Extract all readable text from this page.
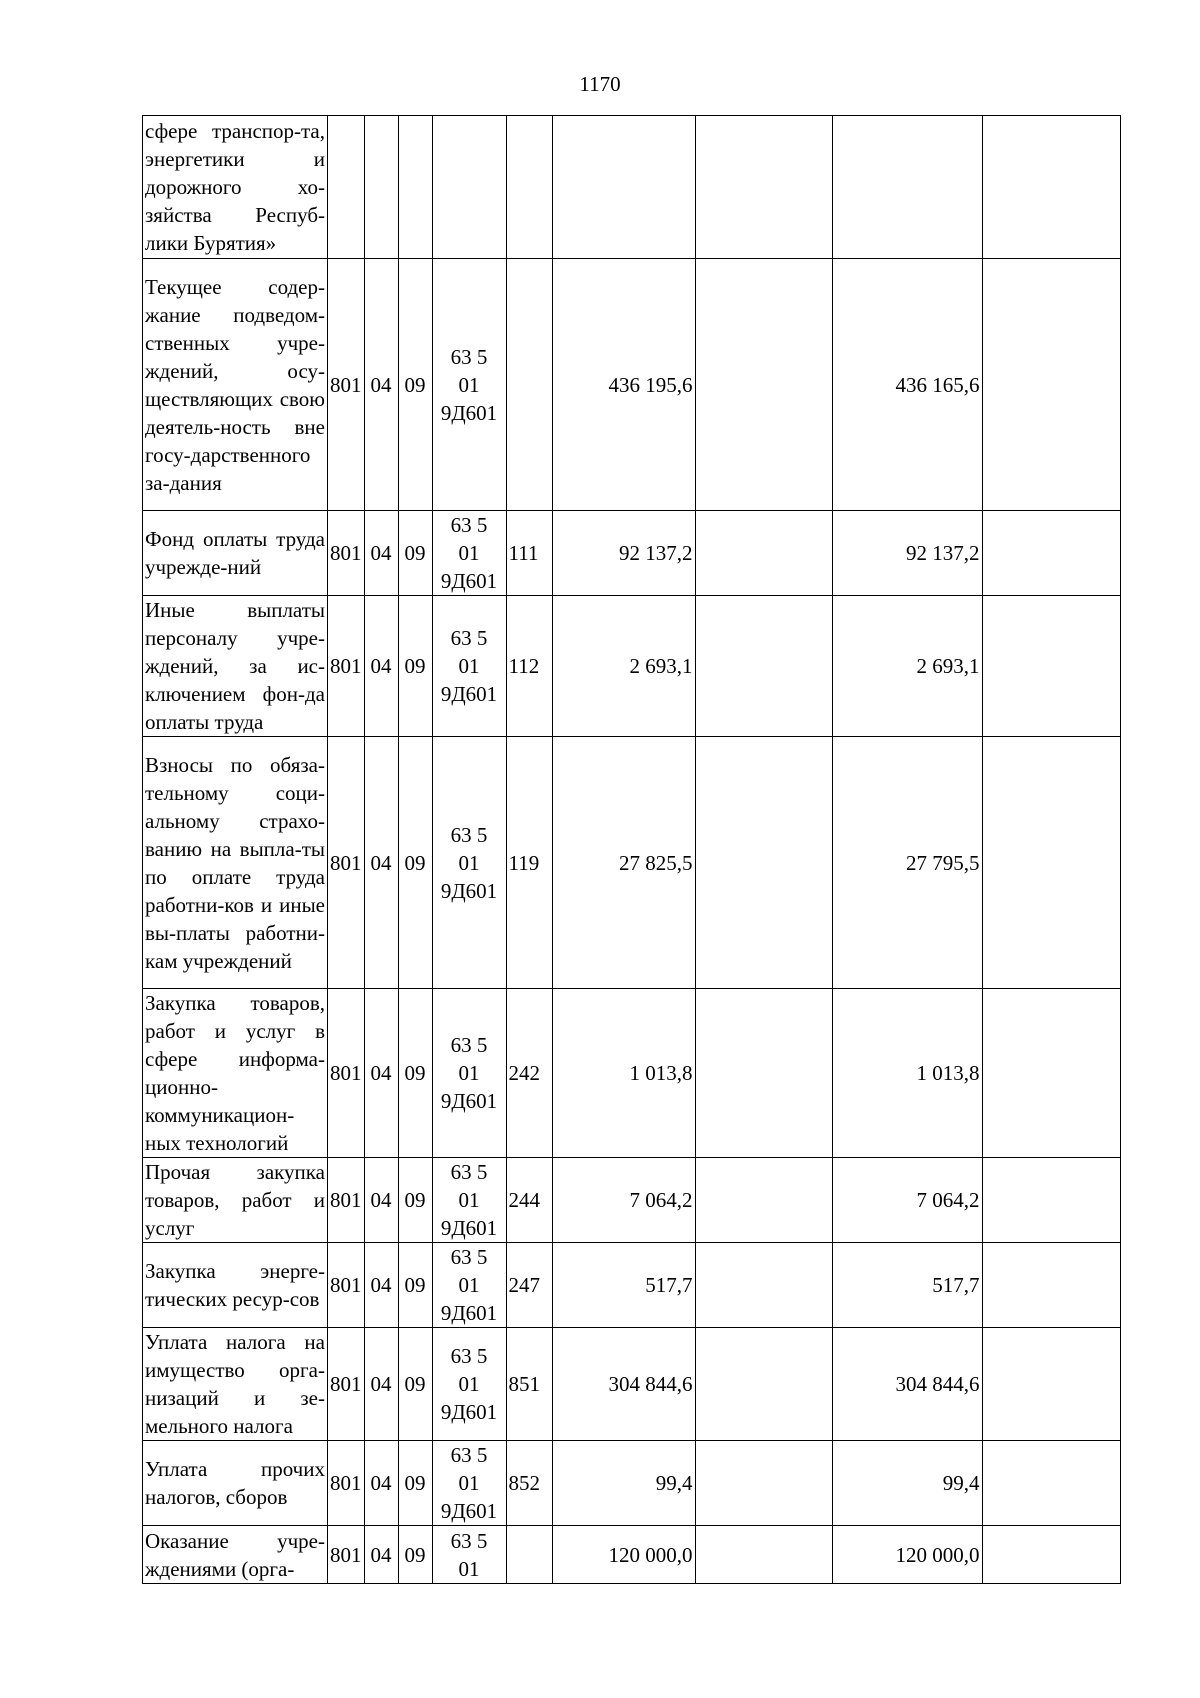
1170
сфере транспор-та, энергетики и дорожного хо-зяйства Респуб-лики Бурятия»				

Текущее содер-жание подведом-ственных учре-ждений, осу-ществляющих свою деятель-ность вне госу-дарственного за-дания	801	04	09	63 5
01
9Д601		436 195,6		436 165,6	
Фонд оплаты труда учрежде-ний	801	04	09	63 5
01
9Д601	111	92 137,2		92 137,2	
Иные выплаты персоналу учре-ждений, за ис-ключением фон-да оплаты труда	801	04	09	63 5
01
9Д601	112	2 693,1		2 693,1	
Взносы по обяза-тельному соци-альному страхо-ванию на выпла-ты по оплате труда работни-ков и иные вы-платы работни-кам учреждений	801	04	09	63 5
01
9Д601	119	27 825,5		27 795,5	
Закупка товаров, работ и услуг в сфере информа-ционно-коммуникацион-ных технологий	801	04	09	63 5
01
9Д601	242	1 013,8		1 013,8	
Прочая закупка товаров, работ и услуг	801	04	09	63 5
01
9Д601	244	7 064,2		7 064,2	
Закупка энерге-тических ресур-сов	801	04	09	63 5
01
9Д601	247	517,7		517,7	
Уплата налога на имущество орга-низаций и зе-мельного налога	801	04	09	63 5
01
9Д601	851	304 844,6		304 844,6	
Уплата прочих налогов, сборов	801	04	09	63 5
01
9Д601	852	99,4		99,4	
Оказание учре-ждениями (орга-	801	04	09	63 5
01		120 000,0		120 000,0	
